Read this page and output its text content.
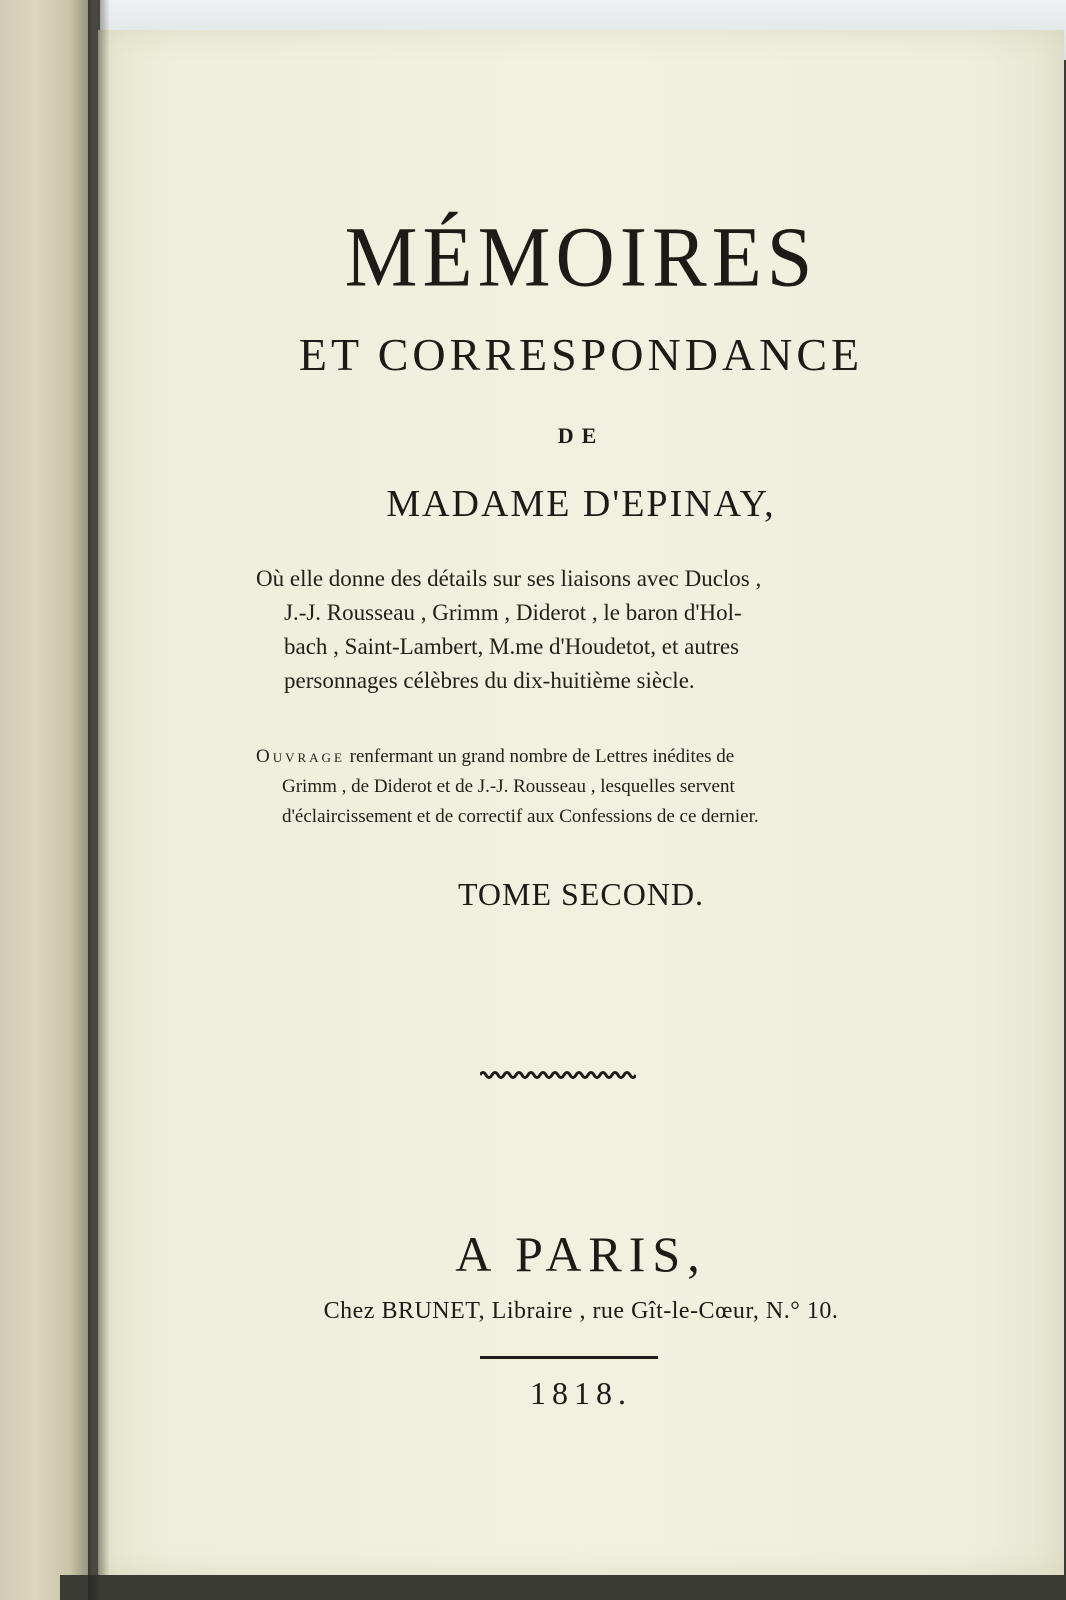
MÉMOIRES
ET CORRESPONDANCE
DE
MADAME D'EPINAY,
Où elle donne des détails sur ses liaisons avec Duclos ,
J.-J. Rousseau , Grimm , Diderot , le baron d'Hol-
bach , Saint-Lambert, M.me d'Houdetot, et autres
personnages célèbres du dix-huitième siècle.
Ouvrage renfermant un grand nombre de Lettres inédites de
Grimm , de Diderot et de J.-J. Rousseau , lesquelles servent
d'éclaircissement et de correctif aux Confessions de ce dernier.
TOME SECOND.
A PARIS,
Chez BRUNET, Libraire , rue Gît-le-Cœur, N.° 10.
1818.
